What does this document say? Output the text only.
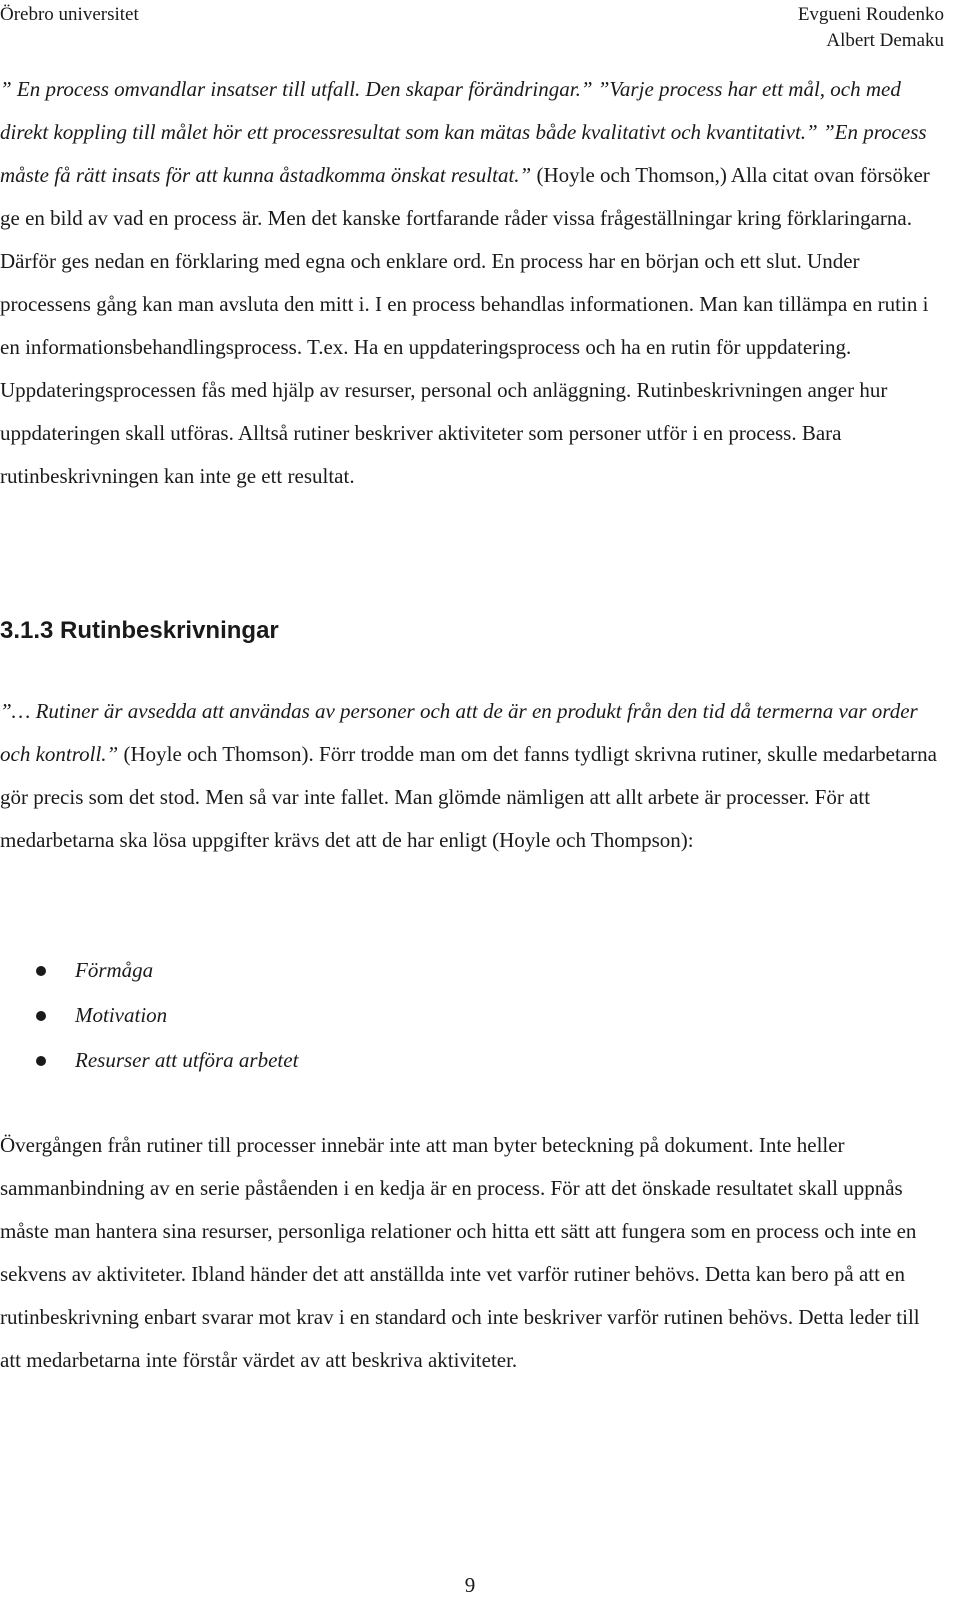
Örebro universitet	Evgueni Roudenko
Albert Demaku

” En process omvandlar insatser till utfall. Den skapar förändringar.” ”Varje process har ett mål, och med direkt koppling till målet hör ett processresultat som kan mätas både kvalitativt och kvantitativt.” ”En process måste få rätt insats för att kunna åstadkomma önskat resultat.” (Hoyle och Thomson,) Alla citat ovan försöker ge en bild av vad en process är. Men det kanske fortfarande råder vissa frågeställningar kring förklaringarna. Därför ges nedan en förklaring med egna och enklare ord. En process har en början och ett slut. Under processens gång kan man avsluta den mitt i. I en process behandlas informationen. Man kan tillämpa en rutin i en informationsbehandlingsprocess. T.ex. Ha en uppdateringsprocess och ha en rutin för uppdatering. Uppdateringsprocessen fås med hjälp av resurser, personal och anläggning. Rutinbeskrivningen anger hur uppdateringen skall utföras. Alltså rutiner beskriver aktiviteter som personer utför i en process. Bara rutinbeskrivningen kan inte ge ett resultat.

3.1.3 Rutinbeskrivningar

”… Rutiner är avsedda att användas av personer och att de är en produkt från den tid då termerna var order och kontroll.” (Hoyle och Thomson). Förr trodde man om det fanns tydligt skrivna rutiner, skulle medarbetarna gör precis som det stod. Men så var inte fallet. Man glömde nämligen att allt arbete är processer. För att medarbetarna ska lösa uppgifter krävs det att de har enligt (Hoyle och Thompson):

Förmåga
Motivation
Resurser att utföra arbetet

Övergången från rutiner till processer innebär inte att man byter beteckning på dokument. Inte heller sammanbindning av en serie påståenden i en kedja är en process. För att det önskade resultatet skall uppnås måste man hantera sina resurser, personliga relationer och hitta ett sätt att fungera som en process och inte en sekvens av aktiviteter. Ibland händer det att anställda inte vet varför rutiner behövs. Detta kan bero på att en rutinbeskrivning enbart svarar mot krav i en standard och inte beskriver varför rutinen behövs. Detta leder till att medarbetarna inte förstår värdet av att beskriva aktiviteter.

9
